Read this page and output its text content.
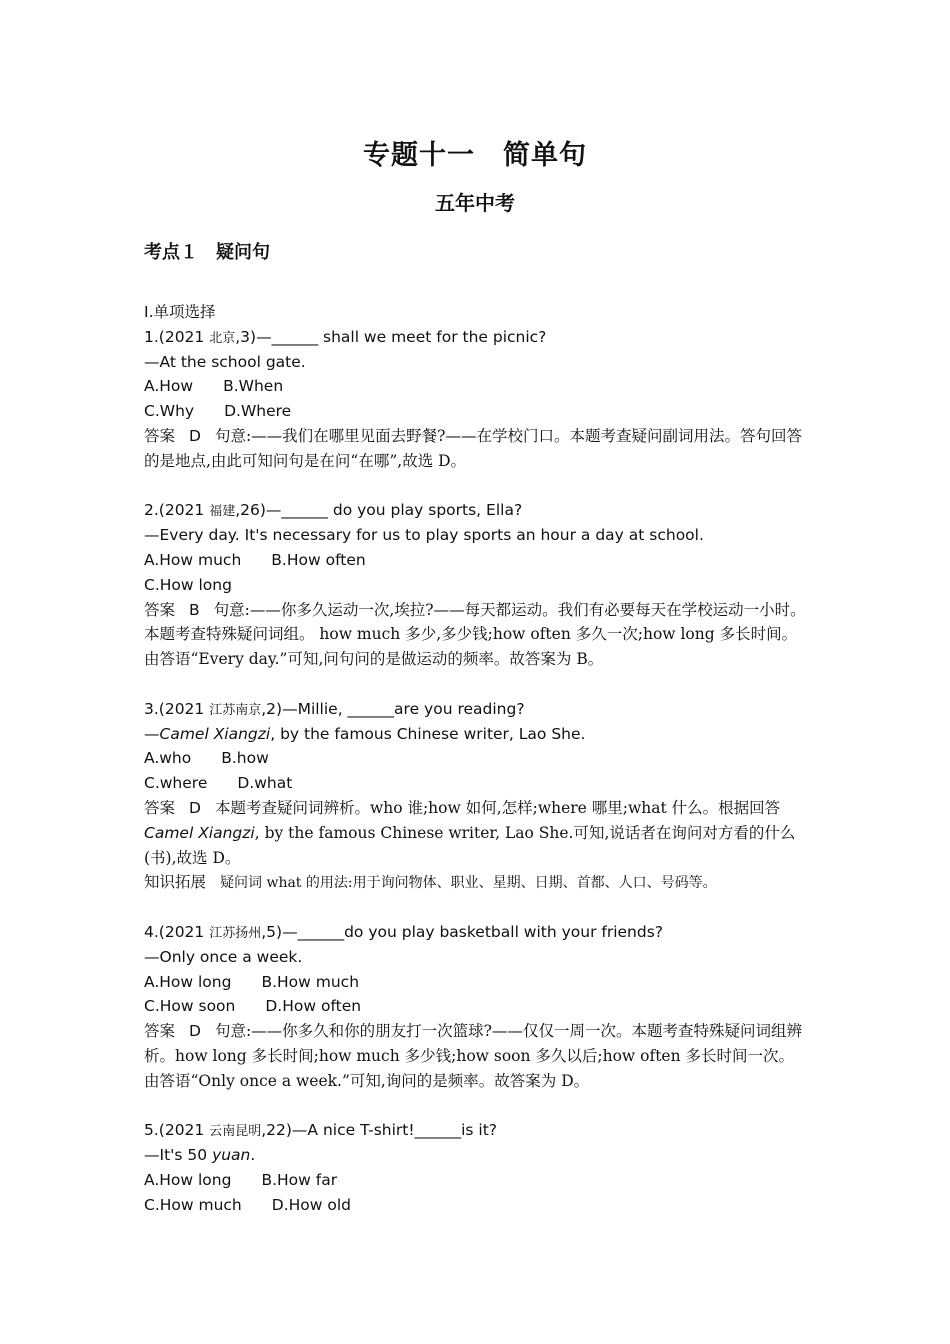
专题十一　简单句
五年中考
考点１　疑问句
Ⅰ.单项选择
1.(2021 北京,3)—______ shall we meet for the picnic?
—At the school gate.
A.How B.When
C.Why D.Where
答案 D 句意:——我们在哪里见面去野餐?——在学校门口。本题考查疑问副词用法。答句回答的是地点,由此可知问句是在问“在哪”,故选 D。
2.(2021 福建,26)—______ do you play sports, Ella?
—Every day. It's necessary for us to play sports an hour a day at school.
A.How much B.How often
C.How long
答案 B 句意:——你多久运动一次,埃拉?——每天都运动。我们有必要每天在学校运动一小时。本题考查特殊疑问词组。 how much 多少,多少钱;how often 多久一次;how long 多长时间。由答语“Every day.”可知,问句问的是做运动的频率。故答案为 B。
3.(2021 江苏南京,2)—Millie, ______are you reading?
—Camel Xiangzi, by the famous Chinese writer, Lao She.
A.who B.how
C.where D.what
答案 D 本题考查疑问词辨析。who 谁;how 如何,怎样;where 哪里;what 什么。根据回答 Camel Xiangzi, by the famous Chinese writer, Lao She.可知,说话者在询问对方看的什么(书),故选 D。
知识拓展 疑问词 what 的用法:用于询问物体、职业、星期、日期、首都、人口、号码等。
4.(2021 江苏扬州,5)—______do you play basketball with your friends?
—Only once a week.
A.How long B.How much
C.How soon D.How often
答案 D 句意:——你多久和你的朋友打一次篮球?——仅仅一周一次。本题考查特殊疑问词组辨析。how long 多长时间;how much 多少钱;how soon 多久以后;how often 多长时间一次。由答语“Only once a week.”可知,询问的是频率。故答案为 D。
5.(2021 云南昆明,22)—A nice T-shirt!______is it?
—It's 50 yuan.
A.How long B.How far
C.How much D.How old
